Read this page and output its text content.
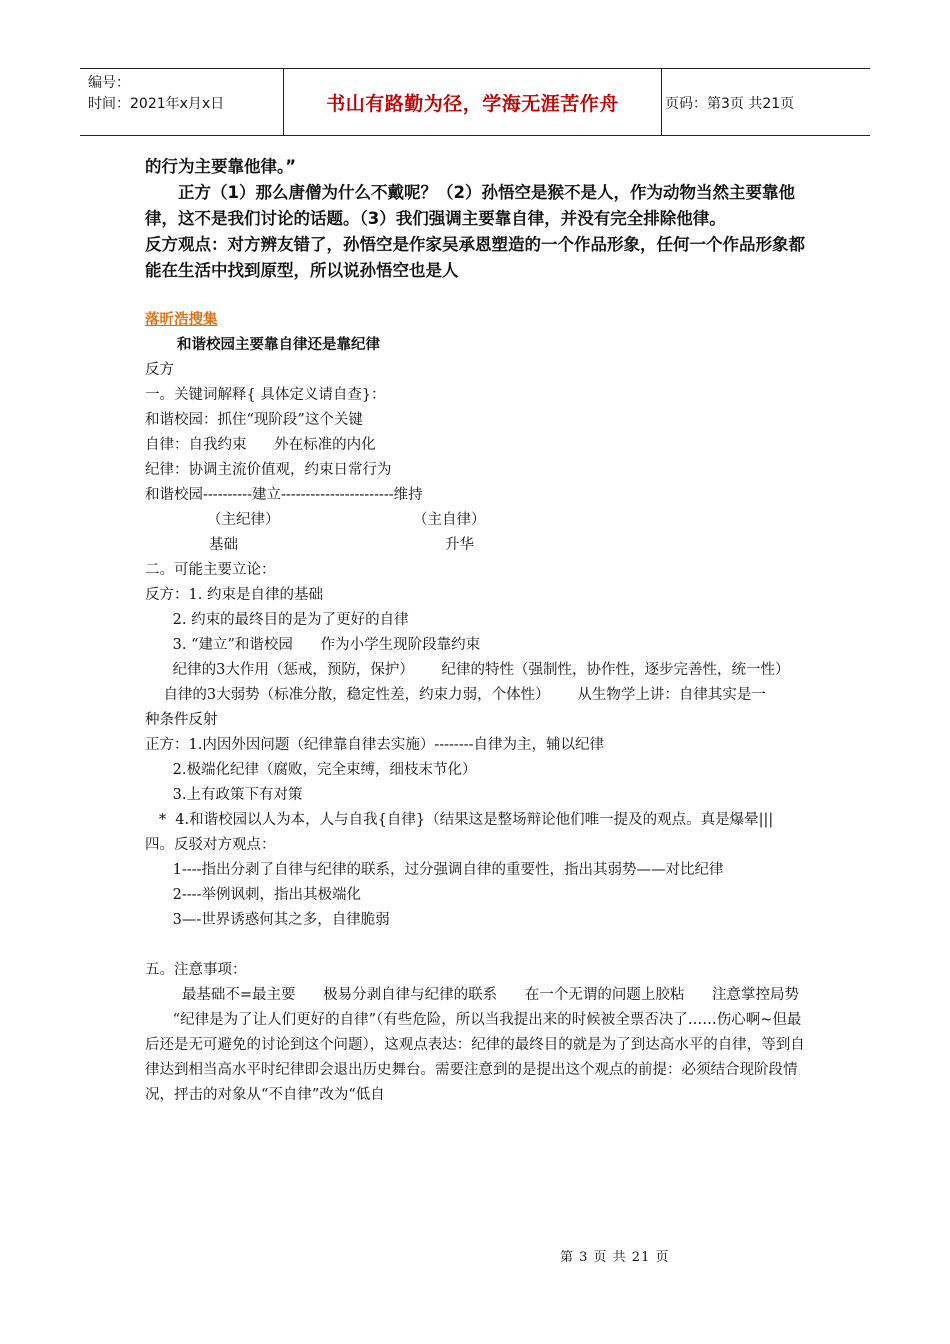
编号：
时间：2021年x月x日	书山有路勤为径，学海无涯苦作舟	页码：第3页 共21页

的行为主要靠他律。”

　　正方（1）那么唐僧为什么不戴呢？（2）孙悟空是猴不是人，作为动物当然主要靠他律，这不是我们讨论的话题。（3）我们强调主要靠自律，并没有完全排除他律。

反方观点：对方辨友错了，孙悟空是作家吴承恩塑造的一个作品形象，任何一个作品形象都能在生活中找到原型，所以说孙悟空也是人

落昕浩搜集
和谐校园主要靠自律还是靠纪律

反方

一。关键词解释{ 具体定义请自查}：

和谐校园：抓住“现阶段”这个关键

自律：自我约束      外在标准的内化

纪律：协调主流价值观，约束日常行为

和谐校园----------建立-----------------------维持

（主纪律）	（主自律）
基础	升华

二。可能主要立论：

反方：1. 约束是自律的基础

2. 约束的最终目的是为了更好的自律

3. “建立”和谐校园      作为小学生现阶段靠约束

纪律的3大作用（惩戒，预防，保护）      纪律的特性（强制性，协作性，逐步完善性，统一性）

自律的3大弱势（标准分散，稳定性差，约束力弱，个体性）      从生物学上讲：自律其实是一

种条件反射

正方：1.内因外因问题（纪律靠自律去实施）--------自律为主，辅以纪律

2.极端化纪律（腐败，完全束缚，细枝末节化）

3.上有政策下有对策

*  4.和谐校园以人为本，人与自我{自律}（结果这是整场辩论他们唯一提及的观点。真是爆晕|||

四。反驳对方观点：

1----指出分剥了自律与纪律的联系，过分强调自律的重要性，指出其弱势——对比纪律

2----举例讽刺，指出其极端化

3—-世界诱惑何其之多，自律脆弱

五。注意事项：

最基础不=最主要      极易分剥自律与纪律的联系      在一个无谓的问题上胶粘      注意掌控局势

“纪律是为了让人们更好的自律”（有些危险，所以当我提出来的时候被全票否决了……伤心啊~但最后还是无可避免的讨论到这个问题），这观点表达：纪律的最终目的就是为了到达高水平的自律，等到自律达到相当高水平时纪律即会退出历史舞台。需要注意到的是提出这个观点的前提：必须结合现阶段情况，抨击的对象从“不自律”改为“低自

第 3 页 共 21 页
